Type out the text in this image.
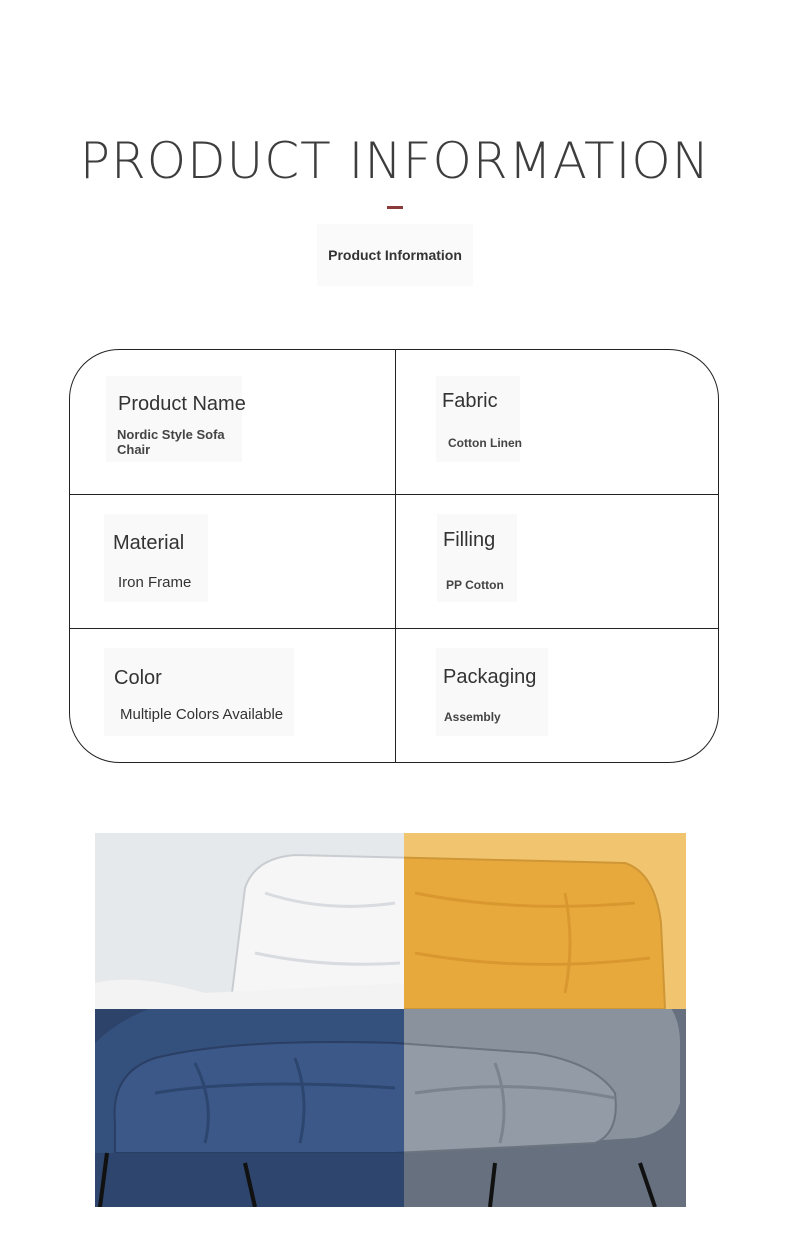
PRODUCT INFORMATION
Product Information
Product Name
Nordic Style Sofa Chair
Fabric
Cotton Linen
Material
Iron Frame
Filling
PP Cotton
Color
Multiple Colors Available
Packaging
Assembly
